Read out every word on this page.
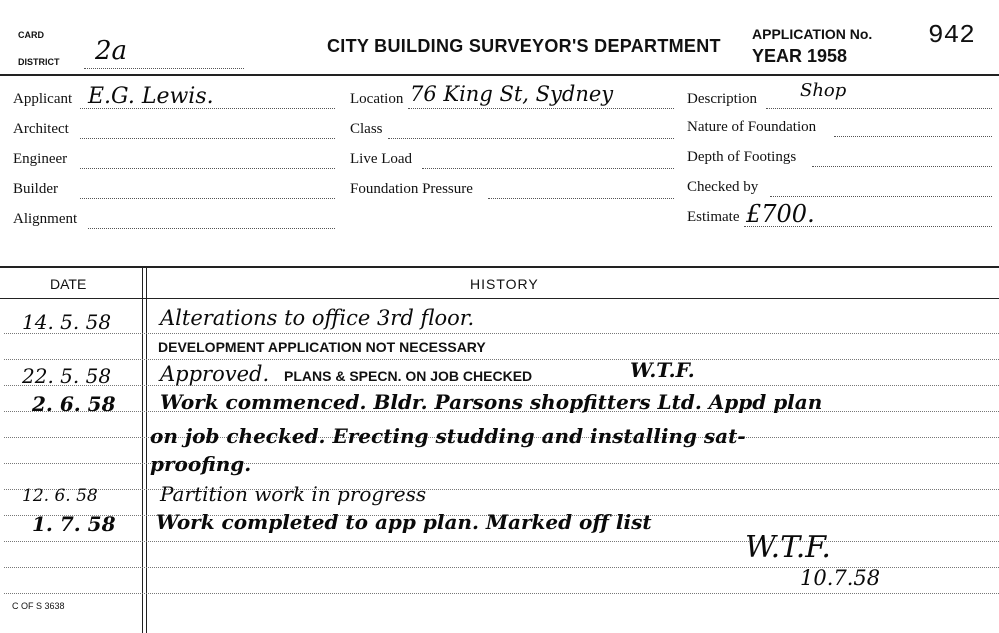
CARD
DISTRICT 2a	CITY BUILDING SURVEYOR'S DEPARTMENT
APPLICATION No.
YEAR 1958
942
Applicant E.G. Lewis.
Architect
Engineer
Builder
Alignment
Location 76 King St, Sydney
Class
Live Load
Foundation Pressure
Description Shop
Nature of Foundation
Depth of Footings
Checked by
Estimate £700.
DATE	HISTORY
14. 5. 58 Alterations to office 3rd floor.
DEVELOPMENT APPLICATION NOT NECESSARY
22. 5. 58 Approved. PLANS & SPECN. ON JOB CHECKED	W.T.F.
2. 6. 58 Work commenced. Bldr. Parsons shopfitters Ltd. Appd plan
on job checked. Erecting studding and installing sat-
proofing.
12. 6. 58	Partition work in progress
1. 7. 58 Work completed to app plan. Marked off list
W.T.F.
10.7.58
C OF S 3638
